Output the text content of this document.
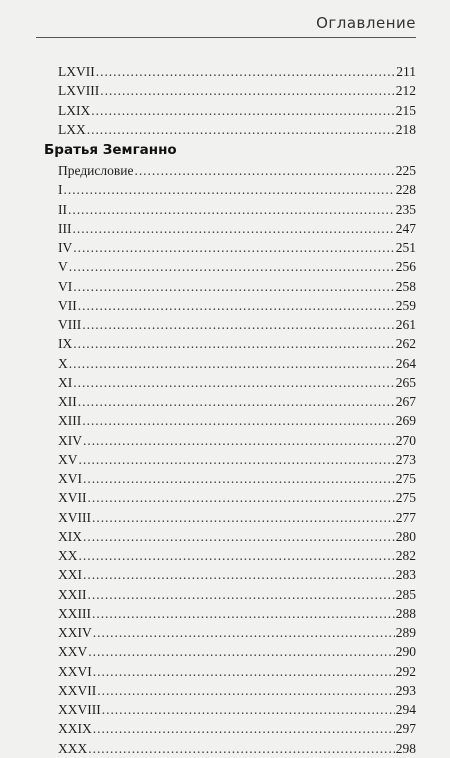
Оглавление
LXVII . . .	211
LXVIII . . .	212
LXIX . . .	215
LXX . . .	218
Братья Земганно
Предисловие . . .	225
I . . .	228
II . . .	235
III . . .	247
IV . . .	251
V . . .	256
VI . . .	258
VII . . .	259
VIII . . .	261
IX . . .	262
X . . .	264
XI . . .	265
XII . . .	267
XIII . . .	269
XIV . . .	270
XV . . .	273
XVI . . .	275
XVII . . .	275
XVIII . . .	277
XIX . . .	280
XX . . .	282
XXI . . .	283
XXII . . .	285
XXIII . . .	288
XXIV . . .	289
XXV . . .	290
XXVI . . .	292
XXVII . . .	293
XXVIII . . .	294
XXIX . . .	297
XXX . . .	298
